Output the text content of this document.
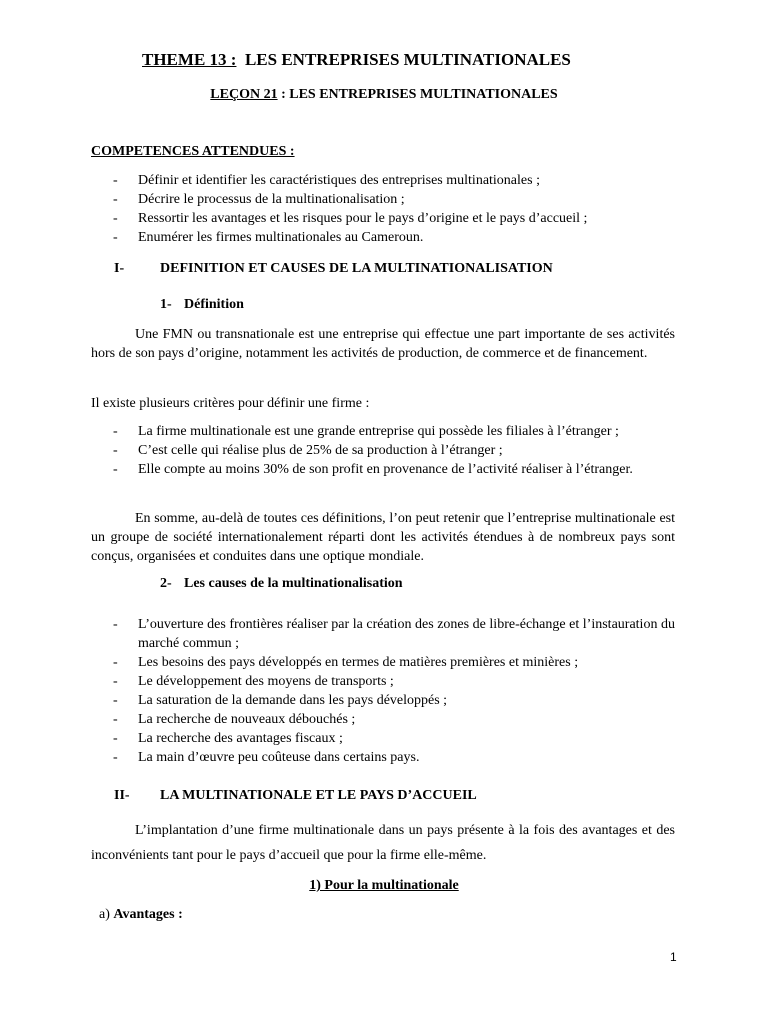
THEME 13 : LES ENTREPRISES MULTINATIONALES
LEÇON 21 : LES ENTREPRISES MULTINATIONALES
COMPETENCES ATTENDUES :
- Définir et identifier les caractéristiques des entreprises multinationales ;
- Décrire le processus de la multinationalisation ;
- Ressortir les avantages et les risques pour le pays d’origine et le pays d’accueil ;
- Enumérer les firmes multinationales au Cameroun.
I-	DEFINITION ET CAUSES DE LA MULTINATIONALISATION
1- Définition
Une FMN ou transnationale est une entreprise qui effectue une part importante de ses activités hors de son pays d’origine, notamment les activités de production, de commerce et de financement.
Il existe plusieurs critères pour définir une firme :
- La firme multinationale est une grande entreprise qui possède les filiales à l’étranger ;
- C’est celle qui réalise plus de 25% de sa production à l’étranger ;
- Elle compte au moins 30% de son profit en provenance de l’activité réaliser à l’étranger.
En somme, au-delà de toutes ces définitions, l’on peut retenir que l’entreprise multinationale est un groupe de société internationalement réparti dont les activités étendues à de nombreux pays sont conçus, organisées et conduites dans une optique mondiale.
2- Les causes de la multinationalisation
- L’ouverture des frontières réaliser par la création des zones de libre-échange et l’instauration du marché commun ;
- Les besoins des pays développés en termes de matières premières et minières ;
- Le développement des moyens de transports ;
- La saturation de la demande dans les pays développés ;
- La recherche de nouveaux débouchés ;
- La recherche des avantages fiscaux ;
- La main d’œuvre peu coûteuse dans certains pays.
II- LA MULTINATIONALE ET LE PAYS D’ACCUEIL
L’implantation d’une firme multinationale dans un pays présente à la fois des avantages et des inconvénients tant pour le pays d’accueil que pour la firme elle-même.
1) Pour la multinationale
a) Avantages :
1
